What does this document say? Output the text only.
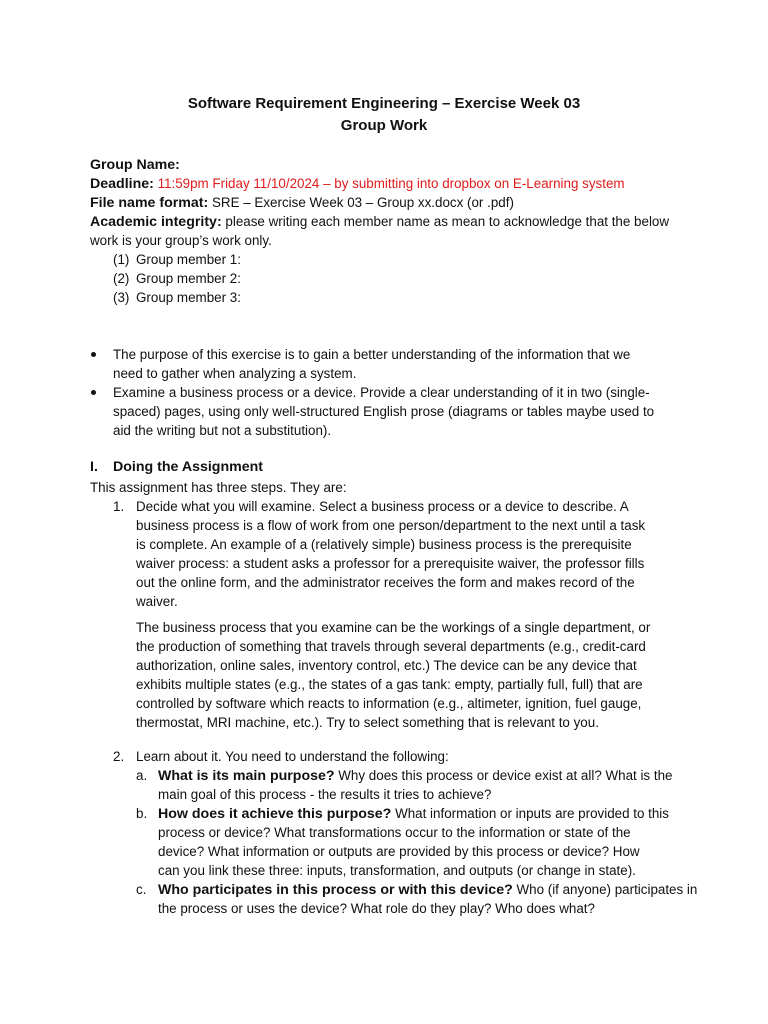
Software Requirement Engineering – Exercise Week 03
Group Work
Group Name:
Deadline: 11:59pm Friday 11/10/2024 – by submitting into dropbox on E-Learning system
File name format: SRE – Exercise Week 03 – Group xx.docx (or .pdf)
Academic integrity: please writing each member name as mean to acknowledge that the below
work is your group’s work only.
(1) Group member 1:
(2) Group member 2:
(3) Group member 3:
The purpose of this exercise is to gain a better understanding of the information that we
need to gather when analyzing a system.
Examine a business process or a device. Provide a clear understanding of it in two (single-
spaced) pages, using only well-structured English prose (diagrams or tables maybe used to
aid the writing but not a substitution).
I. Doing the Assignment
This assignment has three steps. They are:
1. Decide what you will examine. Select a business process or a device to describe. A
business process is a flow of work from one person/department to the next until a task
is complete. An example of a (relatively simple) business process is the prerequisite
waiver process: a student asks a professor for a prerequisite waiver, the professor fills
out the online form, and the administrator receives the form and makes record of the
waiver.
The business process that you examine can be the workings of a single department, or
the production of something that travels through several departments (e.g., credit-card
authorization, online sales, inventory control, etc.) The device can be any device that
exhibits multiple states (e.g., the states of a gas tank: empty, partially full, full) that are
controlled by software which reacts to information (e.g., altimeter, ignition, fuel gauge,
thermostat, MRI machine, etc.). Try to select something that is relevant to you.
2. Learn about it. You need to understand the following:
a. What is its main purpose? Why does this process or device exist at all? What is the
main goal of this process - the results it tries to achieve?
b. How does it achieve this purpose? What information or inputs are provided to this
process or device? What transformations occur to the information or state of the
device? What information or outputs are provided by this process or device? How
can you link these three: inputs, transformation, and outputs (or change in state).
c. Who participates in this process or with this device? Who (if anyone) participates in
the process or uses the device? What role do they play? Who does what?
